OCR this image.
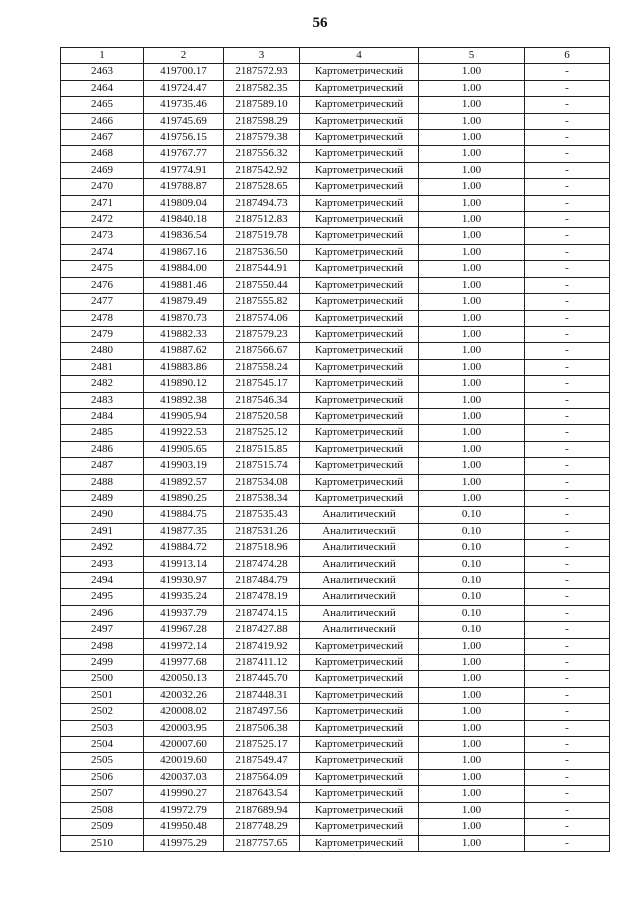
56
1	2	3	4	5	6
2463	419700.17	2187572.93	Картометрический	1.00	-
2464	419724.47	2187582.35	Картометрический	1.00	-
2465	419735.46	2187589.10	Картометрический	1.00	-
2466	419745.69	2187598.29	Картометрический	1.00	-
2467	419756.15	2187579.38	Картометрический	1.00	-
2468	419767.77	2187556.32	Картометрический	1.00	-
2469	419774.91	2187542.92	Картометрический	1.00	-
2470	419788.87	2187528.65	Картометрический	1.00	-
2471	419809.04	2187494.73	Картометрический	1.00	-
2472	419840.18	2187512.83	Картометрический	1.00	-
2473	419836.54	2187519.78	Картометрический	1.00	-
2474	419867.16	2187536.50	Картометрический	1.00	-
2475	419884.00	2187544.91	Картометрический	1.00	-
2476	419881.46	2187550.44	Картометрический	1.00	-
2477	419879.49	2187555.82	Картометрический	1.00	-
2478	419870.73	2187574.06	Картометрический	1.00	-
2479	419882.33	2187579.23	Картометрический	1.00	-
2480	419887.62	2187566.67	Картометрический	1.00	-
2481	419883.86	2187558.24	Картометрический	1.00	-
2482	419890.12	2187545.17	Картометрический	1.00	-
2483	419892.38	2187546.34	Картометрический	1.00	-
2484	419905.94	2187520.58	Картометрический	1.00	-
2485	419922.53	2187525.12	Картометрический	1.00	-
2486	419905.65	2187515.85	Картометрический	1.00	-
2487	419903.19	2187515.74	Картометрический	1.00	-
2488	419892.57	2187534.08	Картометрический	1.00	-
2489	419890.25	2187538.34	Картометрический	1.00	-
2490	419884.75	2187535.43	Аналитический	0.10	-
2491	419877.35	2187531.26	Аналитический	0.10	-
2492	419884.72	2187518.96	Аналитический	0.10	-
2493	419913.14	2187474.28	Аналитический	0.10	-
2494	419930.97	2187484.79	Аналитический	0.10	-
2495	419935.24	2187478.19	Аналитический	0.10	-
2496	419937.79	2187474.15	Аналитический	0.10	-
2497	419967.28	2187427.88	Аналитический	0.10	-
2498	419972.14	2187419.92	Картометрический	1.00	-
2499	419977.68	2187411.12	Картометрический	1.00	-
2500	420050.13	2187445.70	Картометрический	1.00	-
2501	420032.26	2187448.31	Картометрический	1.00	-
2502	420008.02	2187497.56	Картометрический	1.00	-
2503	420003.95	2187506.38	Картометрический	1.00	-
2504	420007.60	2187525.17	Картометрический	1.00	-
2505	420019.60	2187549.47	Картометрический	1.00	-
2506	420037.03	2187564.09	Картометрический	1.00	-
2507	419990.27	2187643.54	Картометрический	1.00	-
2508	419972.79	2187689.94	Картометрический	1.00	-
2509	419950.48	2187748.29	Картометрический	1.00	-
2510	419975.29	2187757.65	Картометрический	1.00	-
